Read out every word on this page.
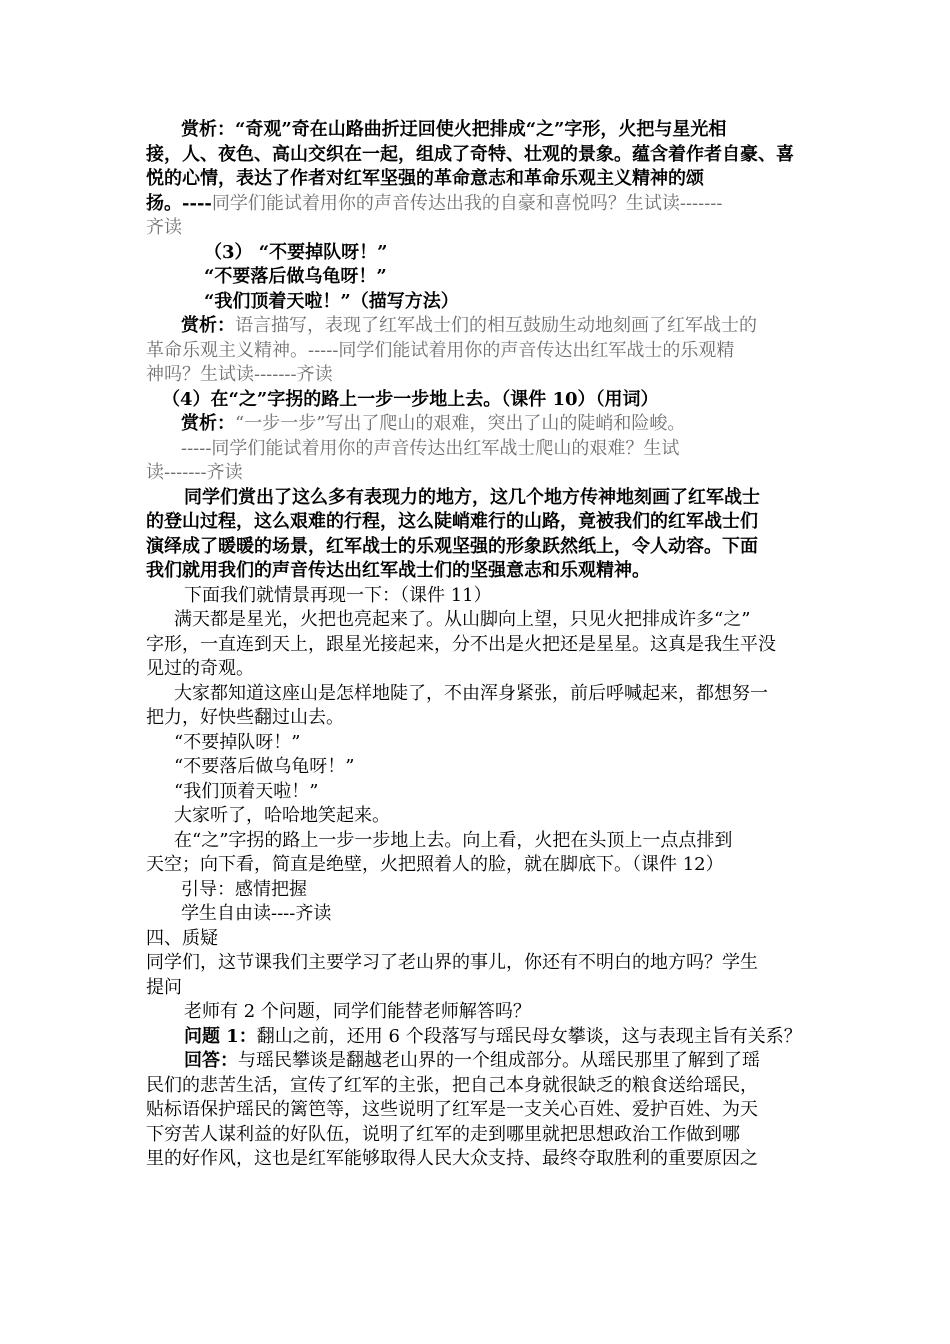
赏析：“奇观”奇在山路曲折迂回使火把排成“之”字形，火把与星光相

接，人、夜色、高山交织在一起，组成了奇特、壮观的景象。蕴含着作者自豪、喜

悦的心情，表达了作者对红军坚强的革命意志和革命乐观主义精神的颂

扬。----同学们能试着用你的声音传达出我的自豪和喜悦吗？生试读-------

齐读

（3） “不要掉队呀！”

“不要落后做乌龟呀！”

“我们顶着天啦！”（描写方法）

赏析：语言描写，表现了红军战士们的相互鼓励生动地刻画了红军战士的

革命乐观主义精神。-----同学们能试着用你的声音传达出红军战士的乐观精

神吗？生试读-------齐读

（4）在“之”字拐的路上一步一步地上去。（课件 10）（用词）

赏析：“一步一步”写出了爬山的艰难，突出了山的陡峭和险峻。

-----同学们能试着用你的声音传达出红军战士爬山的艰难？生试

读-------齐读

同学们赏出了这么多有表现力的地方，这几个地方传神地刻画了红军战士

的登山过程，这么艰难的行程，这么陡峭难行的山路，竟被我们的红军战士们

演绎成了暖暖的场景，红军战士的乐观坚强的形象跃然纸上，令人动容。下面

我们就用我们的声音传达出红军战士们的坚强意志和乐观精神。

下面我们就情景再现一下：（课件 11）

满天都是星光，火把也亮起来了。从山脚向上望，只见火把排成许多“之”

字形，一直连到天上，跟星光接起来，分不出是火把还是星星。这真是我生平没

见过的奇观。

大家都知道这座山是怎样地陡了，不由浑身紧张，前后呼喊起来，都想努一

把力，好快些翻过山去。

“不要掉队呀！”

“不要落后做乌龟呀！”

“我们顶着天啦！”

大家听了，哈哈地笑起来。

在“之”字拐的路上一步一步地上去。向上看，火把在头顶上一点点排到

天空；向下看，简直是绝壁，火把照着人的脸，就在脚底下。（课件 12）

引导：感情把握

学生自由读----齐读

四、质疑

同学们，这节课我们主要学习了老山界的事儿，你还有不明白的地方吗？学生

提问

老师有 2 个问题，同学们能替老师解答吗？

问题 1：翻山之前，还用 6 个段落写与瑶民母女攀谈，这与表现主旨有关系？

回答：与瑶民攀谈是翻越老山界的一个组成部分。从瑶民那里了解到了瑶

民们的悲苦生活，宣传了红军的主张，把自己本身就很缺乏的粮食送给瑶民，

贴标语保护瑶民的篱笆等，这些说明了红军是一支关心百姓、爱护百姓、为天

下穷苦人谋利益的好队伍，说明了红军的走到哪里就把思想政治工作做到哪

里的好作风，这也是红军能够取得人民大众支持、最终夺取胜利的重要原因之
